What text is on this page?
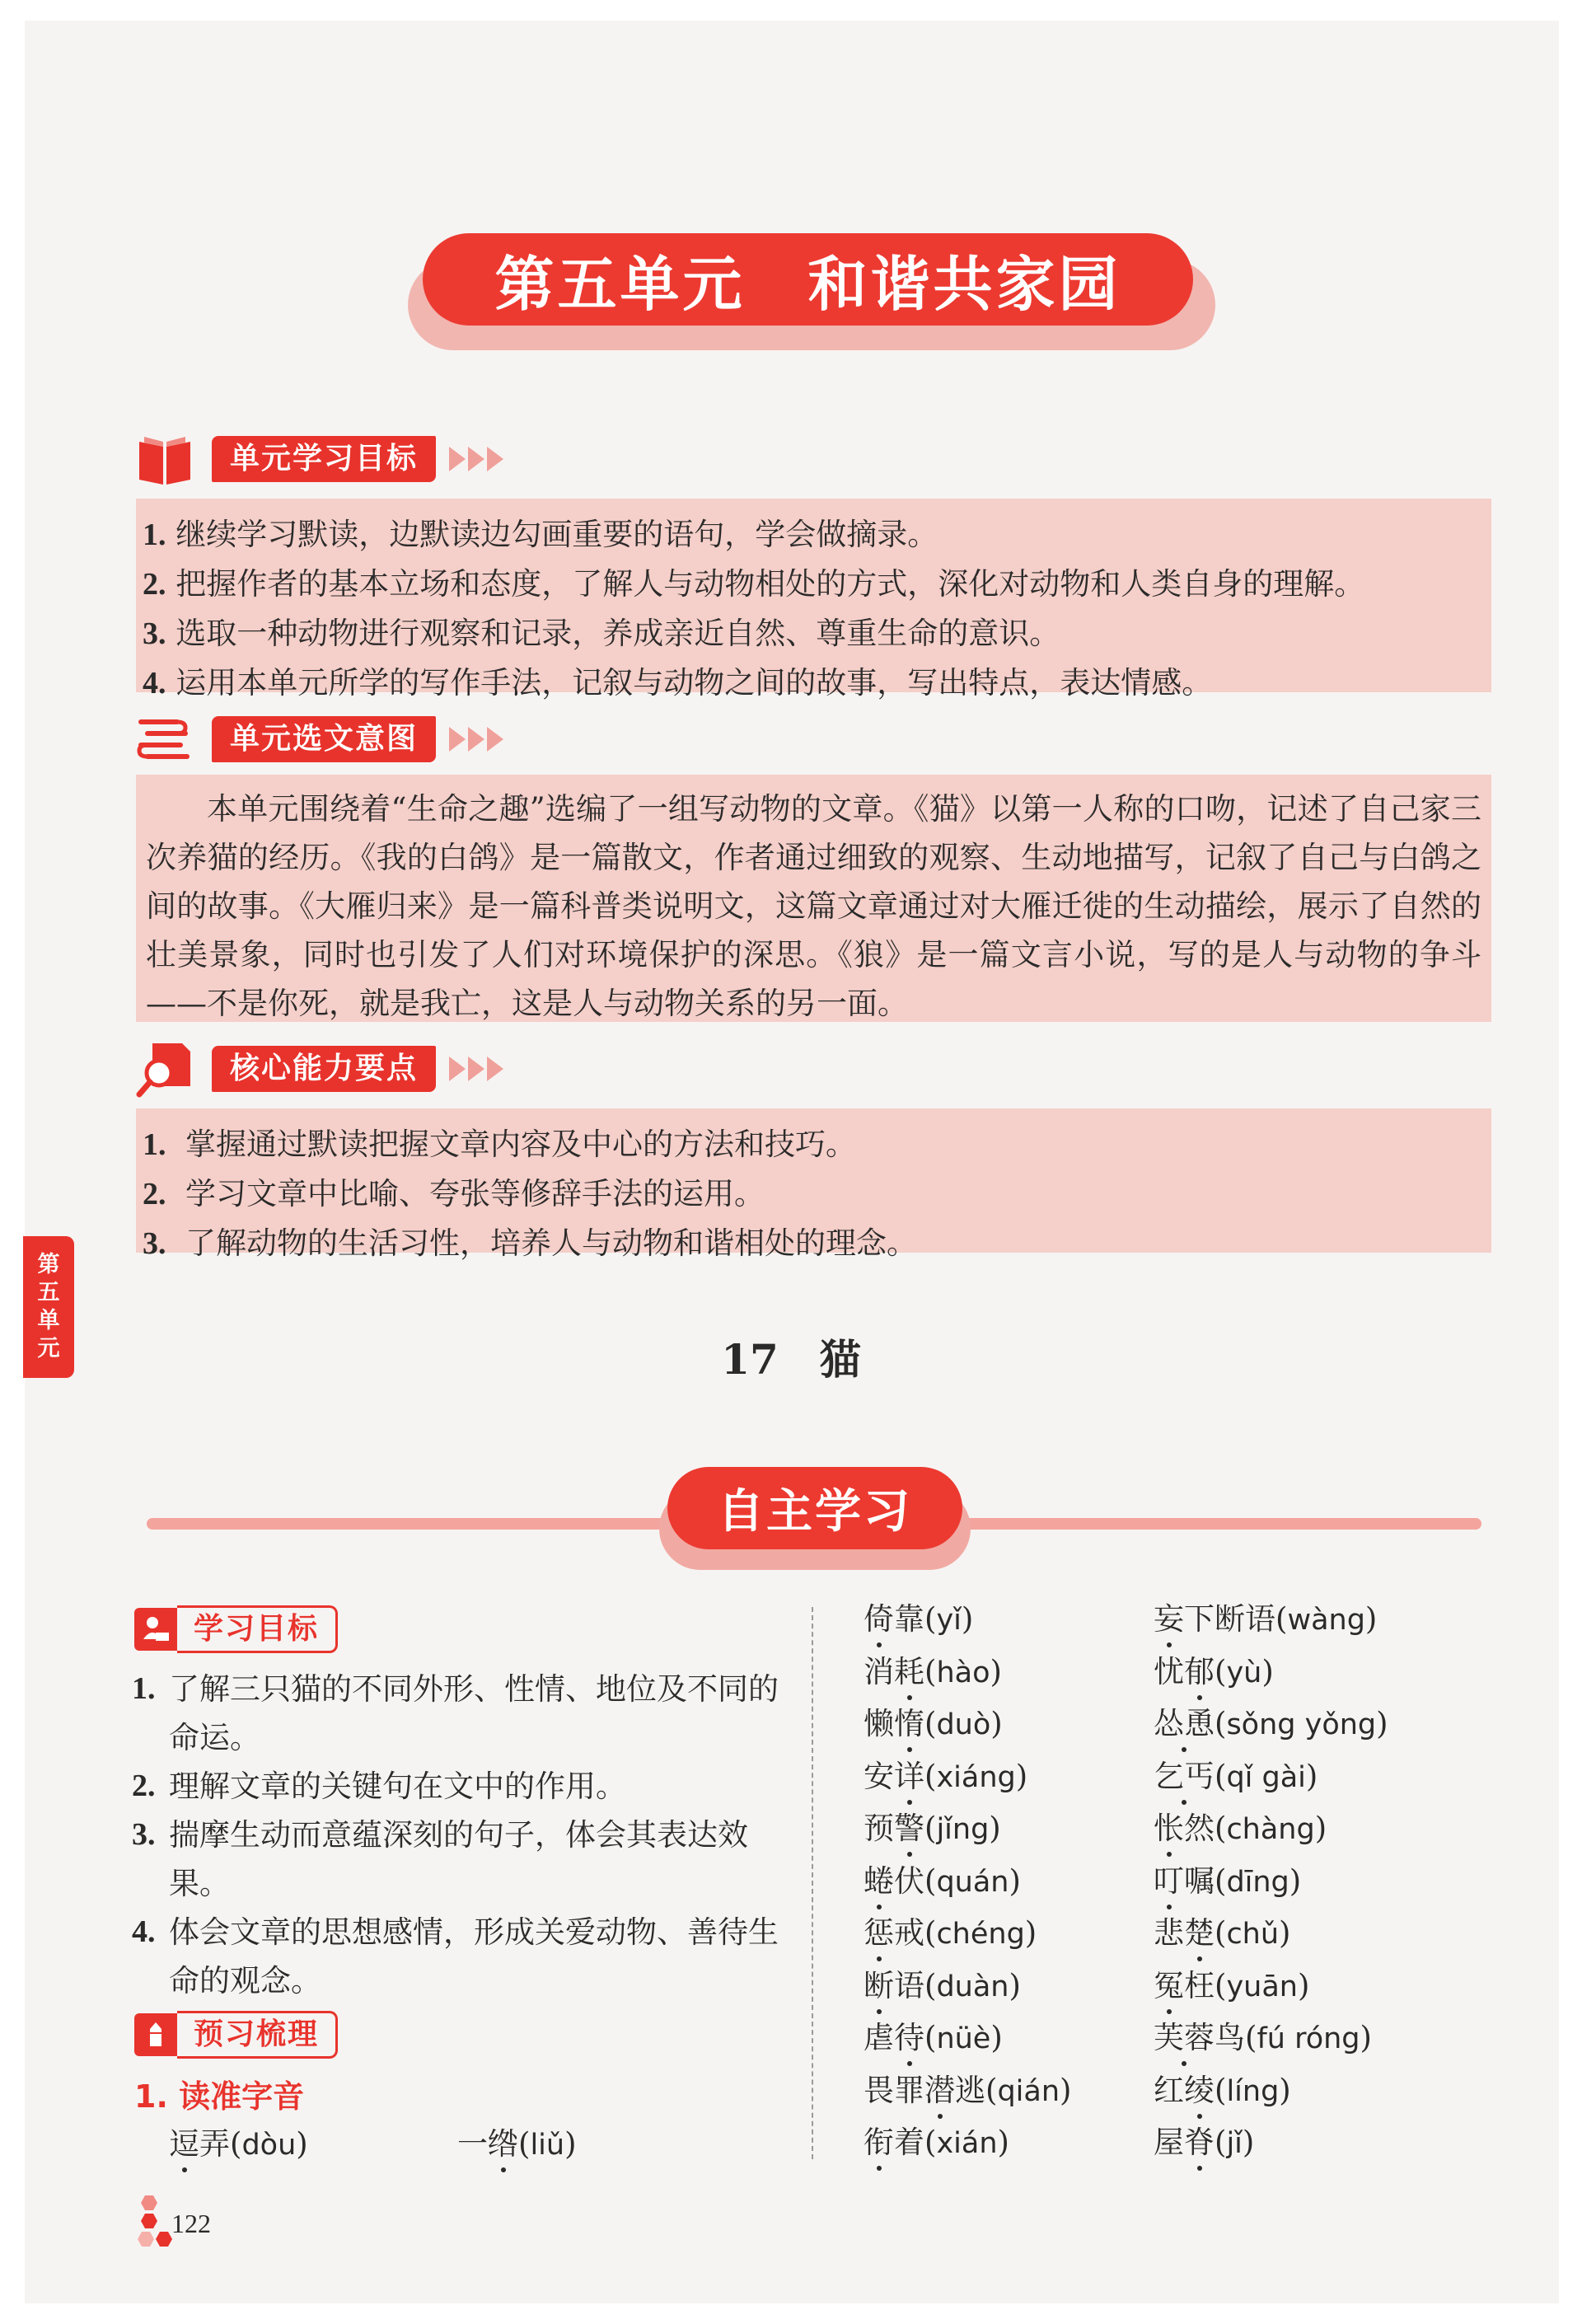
第五单元　和谐共家园
单元学习目标
1. 继续学习默读，边默读边勾画重要的语句，学会做摘录。
2. 把握作者的基本立场和态度，了解人与动物相处的方式，深化对动物和人类自身的理解。
3. 选取一种动物进行观察和记录，养成亲近自然、尊重生命的意识。
4. 运用本单元所学的写作手法，记叙与动物之间的故事，写出特点，表达情感。
单元选文意图
本单元围绕着“生命之趣”选编了一组写动物的文章。《猫》以第一人称的口吻，记述了自己家三次养猫的经历。《我的白鸽》是一篇散文，作者通过细致的观察、生动地描写，记叙了自己与白鸽之间的故事。《大雁归来》是一篇科普类说明文，这篇文章通过对大雁迁徙的生动描绘，展示了自然的壮美景象，同时也引发了人们对环境保护的深思。《狼》是一篇文言小说，写的是人与动物的争斗——不是你死，就是我亡，这是人与动物关系的另一面。
核心能力要点
1. 掌握通过默读把握文章内容及中心的方法和技巧。
2. 学习文章中比喻、夸张等修辞手法的运用。
3. 了解动物的生活习性，培养人与动物和谐相处的理念。
第五单元	17　猫
自主学习
学习目标
1. 了解三只猫的不同外形、性情、地位及不同的命运。
2. 理解文章的关键句在文中的作用。
3. 揣摩生动而意蕴深刻的句子，体会其表达效果。
4. 体会文章的思想感情，形成关爱动物、善待生命的观念。
预习梳理
1. 读准字音
逗弄(dòu)	一绺(liǔ)
倚靠(yǐ)
消耗(hào)
懒惰(duò)
安详(xiáng)
预警(jǐng)
蜷伏(quán)
惩戒(chéng)
断语(duàn)
虐待(nüè)
畏罪潜逃(qián)
衔着(xián)
妄下断语(wàng)
忧郁(yù)
怂恿(sǒng yǒng)
乞丐(qǐ gài)
怅然(chàng)
叮嘱(dīng)
悲楚(chǔ)
冤枉(yuān)
芙蓉鸟(fú róng)
红绫(líng)
屋脊(jǐ)
122
